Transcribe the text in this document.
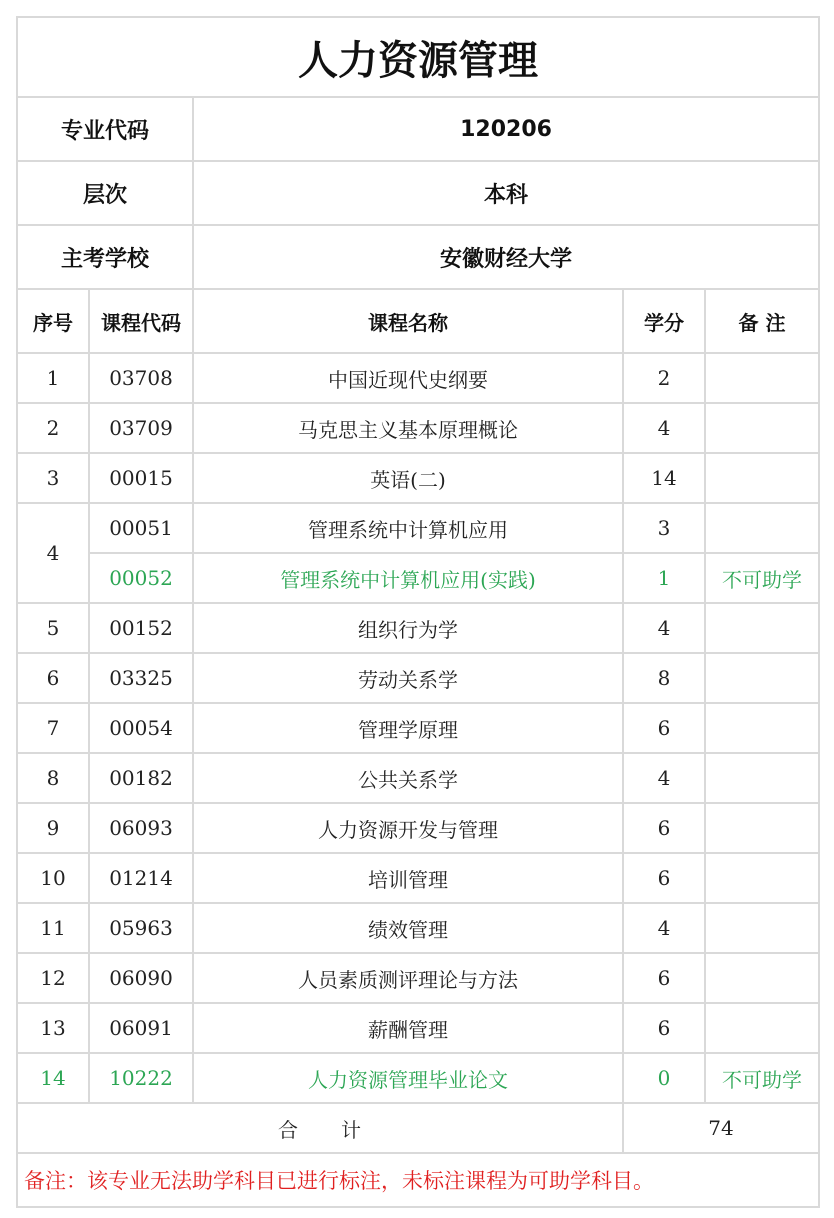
人力资源管理				
专业代码		120206		
层次		本科		
主考学校		安徽财经大学		
序号	课程代码	课程名称	学分	备 注
1	03708	中国近现代史纲要	2	
2	03709	马克思主义基本原理概论	4	
3	00015	英语(二)	14	
4	00051	管理系统中计算机应用	3	
	00052	管理系统中计算机应用(实践)	1	不可助学
5	00152	组织行为学	4	
6	03325	劳动关系学	8	
7	00054	管理学原理	6	
8	00182	公共关系学	4	
9	06093	人力资源开发与管理	6	
10	01214	培训管理	6	
11	05963	绩效管理	4	
12	06090	人员素质测评理论与方法	6	
13	06091	薪酬管理	6	
14	10222	人力资源管理毕业论文	0	不可助学
合　　计			74	
备注：该专业无法助学科目已进行标注，未标注课程为可助学科目。				
